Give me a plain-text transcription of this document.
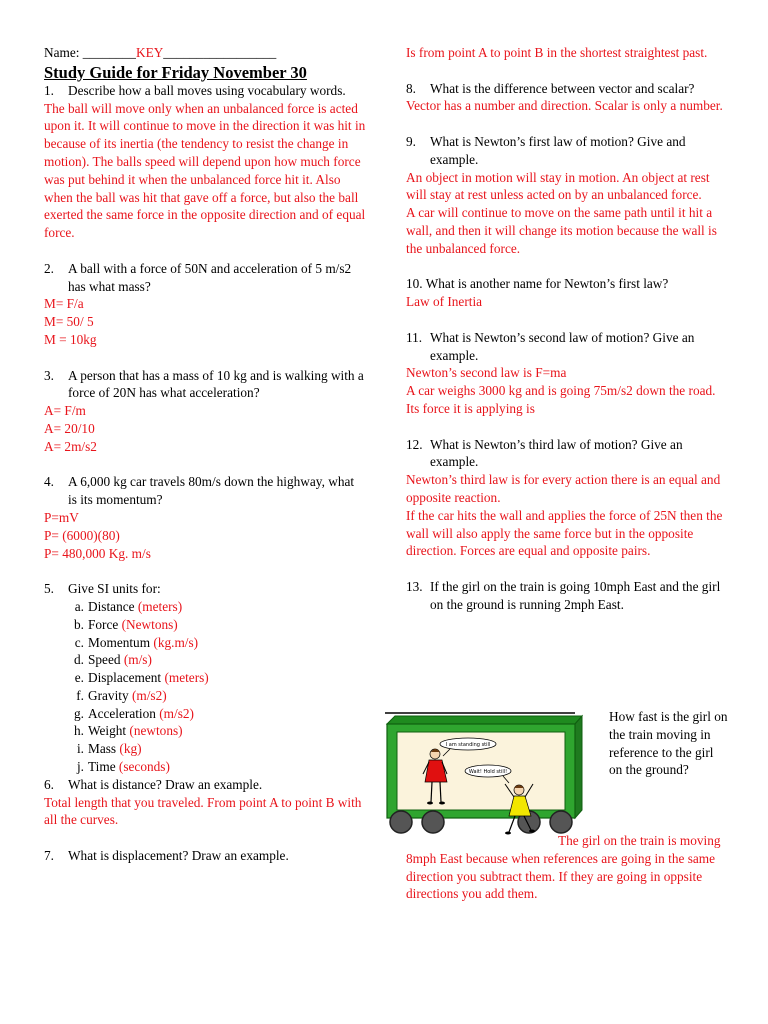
Name: ________KEY_________________

Study Guide for Friday November 30

1. Describe how a ball moves using vocabulary words.

The ball will move only when an unbalanced force is acted upon it. It will continue to move in the direction it was hit in because of its inertia (the tendency to resist the change in motion). The balls speed will depend upon how much force was put behind it when the unbalanced force hit it. Also when the ball was hit that gave off a force, but also the ball exerted the same force in the opposite direction and of equal force.

2. A ball with a force of 50N and acceleration of 5 m/s2 has what mass?

M= F/a

M= 50/ 5

M = 10kg

3. A person that has a mass of 10 kg and is walking with a force of 20N has what acceleration?

A= F/m

A= 20/10

A= 2m/s2

4. A 6,000 kg car travels 80m/s down the highway, what is its momentum?

P=mV

P= (6000)(80)

P= 480,000 Kg. m/s

5. Give SI units for:
a. Distance (meters)
b. Force (Newtons)
c. Momentum (kg.m/s)
d. Speed (m/s)
e. Displacement (meters)
f. Gravity (m/s2)
g. Acceleration (m/s2)
h. Weight (newtons)
i. Mass (kg)
j. Time (seconds)
6. What is distance? Draw an example.

Total length that you traveled. From point A to point B with all the curves.

7. What is displacement? Draw an example.

Is from point A to point B in the shortest straightest past.

8. What is the difference between vector and scalar?

Vector has a number and direction. Scalar is only a number.

9. What is Newton’s first law of motion? Give and example.

An object in motion will stay in motion. An object at rest will stay at rest unless acted on by an unbalanced force.

A car will continue to move on the same path until it hit a wall, and then it will change its motion because the wall is the unbalanced force.

10. What is another name for Newton’s first law?

Law of Inertia

11. What is Newton’s second law of motion? Give an example.

Newton’s second law is F=ma

A car weighs 3000 kg and is going 75m/s2 down the road. Its force it is applying is

12. What is Newton’s third law of motion? Give an example.

Newton’s third law is for every action there is an equal and opposite reaction.

If the car hits the wall and applies the force of 25N then the wall will also apply the same force but in the opposite direction. Forces are equal and opposite pairs.

13. If the girl on the train is going 10mph East and the girl on the ground is running 2mph East.
I am standing still
Wait! Hold still!
How fast is the girl on the train moving in reference to the girl on the ground?
The girl on the train is moving 8mph East because when references are going in the same direction you subtract them. If they are going in oppsite directions you add them.
